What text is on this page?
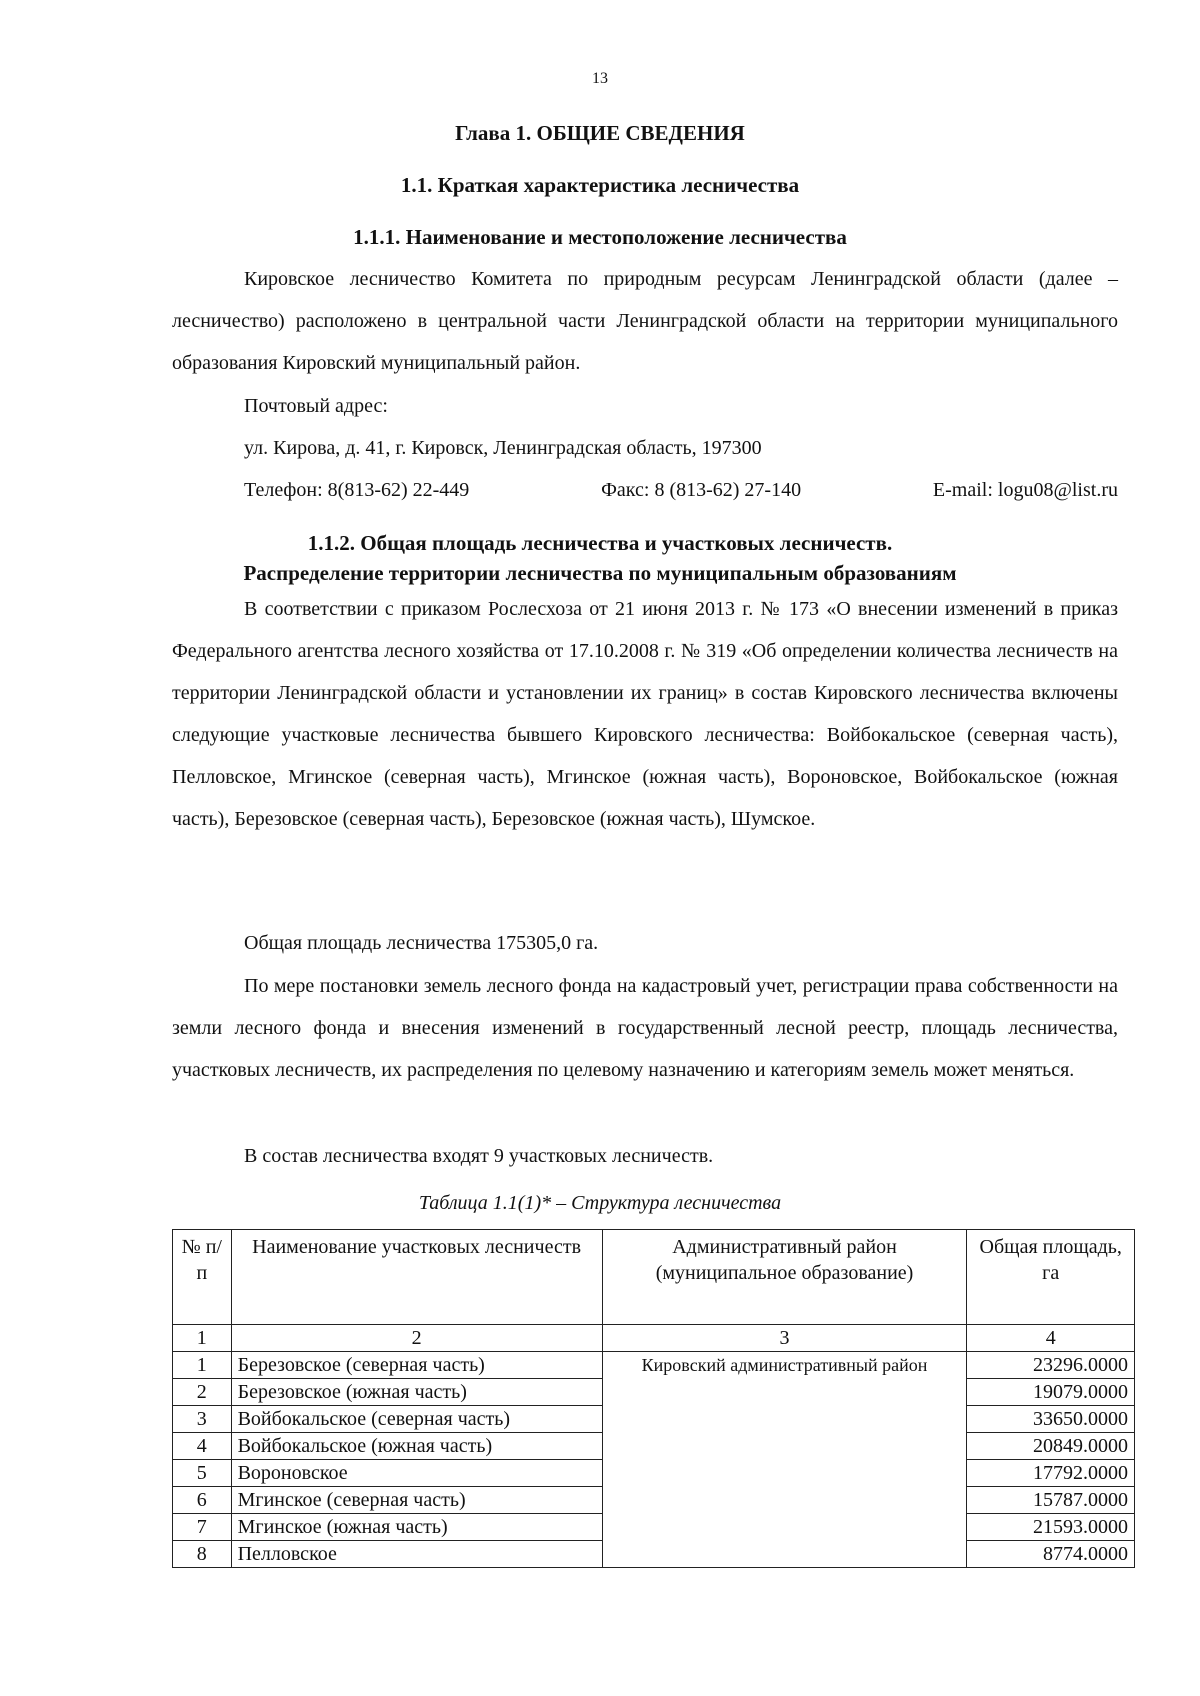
13
Глава 1. ОБЩИЕ СВЕДЕНИЯ
1.1. Краткая характеристика лесничества
1.1.1. Наименование и местоположение лесничества
Кировское лесничество Комитета по природным ресурсам Ленинградской области (далее – лесничество) расположено в центральной части Ленинградской области на территории муниципального образования Кировский муниципальный район.
Почтовый адрес:
ул. Кирова, д. 41, г. Кировск, Ленинградская область, 197300
Телефон: 8(813-62) 22-449	Факс: 8 (813-62) 27-140	E-mail: logu08@list.ru
1.1.2. Общая площадь лесничества и участковых лесничеств.
Распределение территории лесничества по муниципальным образованиям
В соответствии с приказом Рослесхоза от 21 июня 2013 г. № 173 «О внесении изменений в приказ Федерального агентства лесного хозяйства от 17.10.2008 г. № 319 «Об определении количества лесничеств на территории Ленинградской области и установлении их границ» в состав Кировского лесничества включены следующие участковые лесничества бывшего Кировского лесничества: Войбокальское (северная часть), Пелловское, Мгинское (северная часть), Мгинское (южная часть), Вороновское, Войбокальское (южная часть), Березовское (северная часть), Березовское (южная часть), Шумское.
Общая площадь лесничества 175305,0 га.
По мере постановки земель лесного фонда на кадастровый учет, регистрации права собственности на земли лесного фонда и внесения изменений в государственный лесной реестр, площадь лесничества, участковых лесничеств, их распределения по целевому назначению и категориям земель может меняться.
В состав лесничества входят 9 участковых лесничеств.
Таблица 1.1(1)* – Структура лесничества
№ п/п	Наименование участковых лесничеств	Административный район (муниципальное образование)	Общая площадь, га
1	2	3	4
1	Березовское (северная часть)	Кировский административный район	23296.0000
2	Березовское (южная часть)		19079.0000
3	Войбокальское (северная часть)		33650.0000
4	Войбокальское (южная часть)		20849.0000
5	Вороновское		17792.0000
6	Мгинское (северная часть)		15787.0000
7	Мгинское (южная часть)		21593.0000
8	Пелловское		8774.0000
